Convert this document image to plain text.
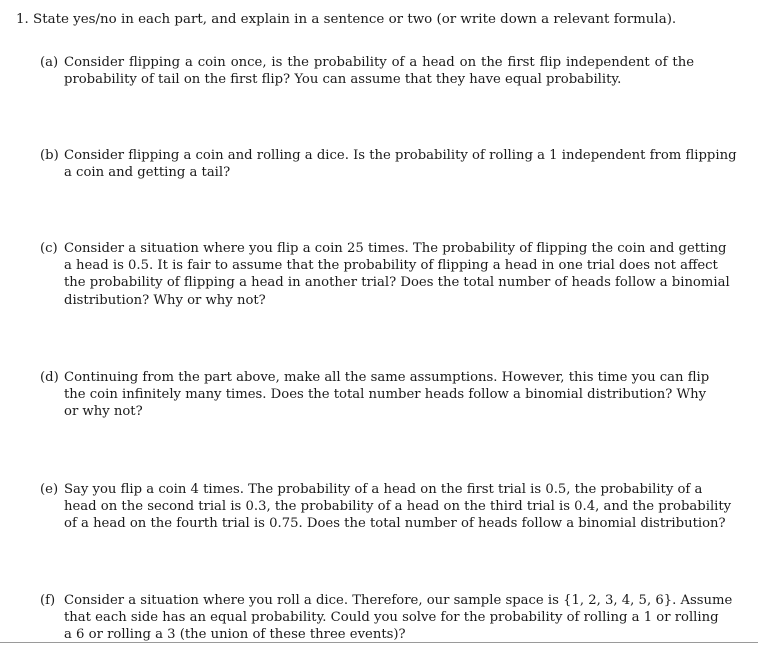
1. State yes/no in each part, and explain in a sentence or two (or write down a relevant formula).
(a) Consider flipping a coin once, is the probability of a head on the first flip independent of the
probability of tail on the first flip? You can assume that they have equal probability.
(b) Consider flipping a coin and rolling a dice. Is the probability of rolling a 1 independent from flipping
a coin and getting a tail?
(c) Consider a situation where you flip a coin 25 times. The probability of flipping the coin and getting
a head is 0.5. It is fair to assume that the probability of flipping a head in one trial does not affect
the probability of flipping a head in another trial? Does the total number of heads follow a binomial
distribution? Why or why not?
(d) Continuing from the part above, make all the same assumptions. However, this time you can flip
the coin infinitely many times. Does the total number heads follow a binomial distribution? Why
or why not?
(e) Say you flip a coin 4 times. The probability of a head on the first trial is 0.5, the probability of a
head on the second trial is 0.3, the probability of a head on the third trial is 0.4, and the probability
of a head on the fourth trial is 0.75. Does the total number of heads follow a binomial distribution?
(f) Consider a situation where you roll a dice. Therefore, our sample space is {1, 2, 3, 4, 5, 6}. Assume
that each side has an equal probability. Could you solve for the probability of rolling a 1 or rolling
a 6 or rolling a 3 (the union of these three events)?
